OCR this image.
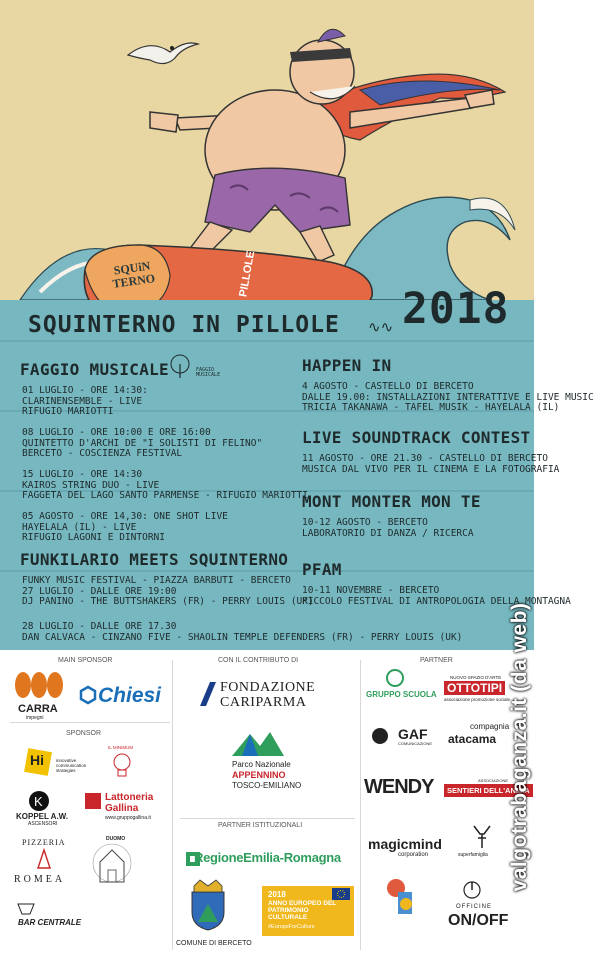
SQUiN TERNO	PILLOLE
SQUINTERNO IN PILLOLE ∿∿ 2018
FAGGIO MUSICALE
FAGGIO MUSICALE
01 LUGLIO - ORE 14:30:
CLARINENSEMBLE - LIVE
RIFUGIO MARIOTTI
08 LUGLIO - ORE 10:00 E ORE 16:00
QUINTETTO D'ARCHI DE "I SOLISTI DI FELINO"
BERCETO - COSCIENZA FESTIVAL
15 LUGLIO - ORE 14:30
KAIROS STRING DUO - LIVE
FAGGETA DEL LAGO SANTO PARMENSE - RIFUGIO MARIOTTI
05 AGOSTO - ORE 14,30: ONE SHOT LIVE
HAYELALA (IL) - LIVE
RIFUGIO LAGONI E DINTORNI
FUNKILARIO MEETS SQUINTERNO
FUNKY MUSIC FESTIVAL - PIAZZA BARBUTI - BERCETO
27 LUGLIO - DALLE ORE 19:00
DJ PANINO - THE BUTTSHAKERS (FR) - PERRY LOUIS (UK)
28 LUGLIO - DALLE ORE 17.30
DAN CALVACA - CINZANO FIVE - SHAOLIN TEMPLE DEFENDERS (FR) - PERRY LOUIS (UK)
HAPPEN IN
4 AGOSTO - CASTELLO DI BERCETO
DALLE 19.00: INSTALLAZIONI INTERATTIVE E LIVE MUSIC
TRICIA TAKANAWA - TAFEL MUSIK - HAYELALA (IL)
LIVE SOUNDTRACK CONTEST
11 AGOSTO - ORE 21.30 - CASTELLO DI BERCETO
MUSICA DAL VIVO PER IL CINEMA E LA FOTOGRAFIA
MONT MONTER MON TE
10-12 AGOSTO - BERCETO
LABORATORIO DI DANZA / RICERCA
PFAM
10-11 NOVEMBRE - BERCETO
PICCOLO FESTIVAL DI ANTROPOLOGIA DELLA MONTAGNA
MAIN SPONSOR	CON IL CONTRIBUTO DI	PARTNER
SPONSOR
PARTNER ISTITUZIONALI
CARRA
impegni
Chiesi	FONDAZIONE
CARIPARMA
Parco Nazionale
APPENNINO
TOSCO-EMILIANO
GRUPPO SCUOLA
NUOVO SPAZIO D'ARTE
OTTOTIPI
associazione promozione sociale
Hi	innovative communication strategies
IL MINIMUM
K
KOPPEL A.W.
ASCENSORI
Lattoneria
Gallina
www.gruppogallina.it
PIZZERIA
ROMEA
DUOMO
BAR CENTRALE
RegioneEmilia-Romagna
COMUNE DI BERCETO
2018
ANNO EUROPEO DEL PATRIMONIO CULTURALE
#EuropeForCulture
GAF
COMUNICAZIONE
compagnia
atacama
WENDY	ASSOCIAZIONE
SENTIERI DELL'ANIMA
magicmind
corporation	superfamiglia
OFFICINE
ON/OFF
valgotrabaganza.it (da web)
